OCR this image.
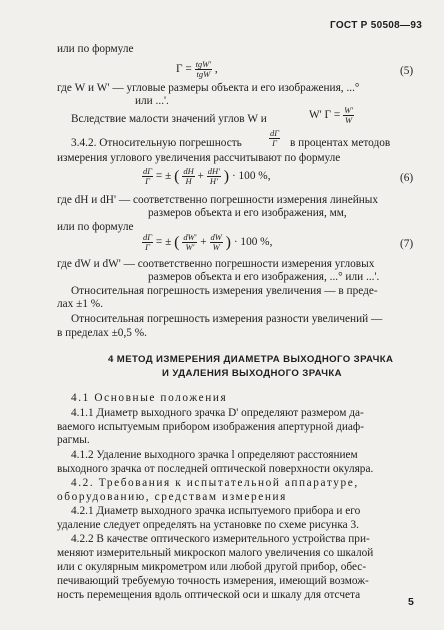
ГОСТ Р 50508—93
или по формуле
$Г = \frac{\text{tgW'}}{\text{tgW}}$ ,	(5)
где W и W' — угловые размеры объекта и его изображения, ...°
или ...'.
Вследствие малости значений углов W и	W' $Г = \frac{W'}{W}$
3.4.2. Относительную погрешность	$\frac{dГ}{Г}$ в процентах методов
измерения углового увеличения рассчитывают по формуле
$\frac{dГ}{Г}$ = ± ( $\frac{dH}{H} + \frac{dH'}{H'}$ ) · 100 %,	(6)
где dH и dH' — соответственно погрешности измерения линейных
размеров объекта и его изображения, мм,
или по формуле
$\frac{dГ}{Г}$ = ± ( $\frac{dW'}{W'} + \frac{dW}{W}$ ) · 100 %,	(7)
где dW и dW' — соответственно погрешности измерения угловых
размеров объекта и его изображения, ...° или ...'.
Относительная погрешность измерения увеличения — в преде-
лах ±1 %.
Относительная погрешность измерения разности увеличений —
в пределах ±0,5 %.
4 МЕТОД ИЗМЕРЕНИЯ ДИАМЕТРА ВЫХОДНОГО ЗРАЧКА
И УДАЛЕНИЯ ВЫХОДНОГО ЗРАЧКА
4.1 Основные положения
4.1.1 Диаметр выходного зрачка D' определяют размером да-
ваемого испытуемым прибором изображения апертурной диаф-
рагмы.
4.1.2 Удаление выходного зрачка l определяют расстоянием
выходного зрачка от последней оптической поверхности окуляра.
4.2. Требования к испытательной аппаратуре,
оборудованию, средствам измерения
4.2.1 Диаметр выходного зрачка испытуемого прибора и его
удаление следует определять на установке по схеме рисунка 3.
4.2.2 В качестве оптического измерительного устройства при-
меняют измерительный микроскоп малого увеличения со шкалой
или с окулярным микрометром или любой другой прибор, обес-
печивающий требуемую точность измерения, имеющий возмож-
ность перемещения вдоль оптической оси и шкалу для отсчета
5
